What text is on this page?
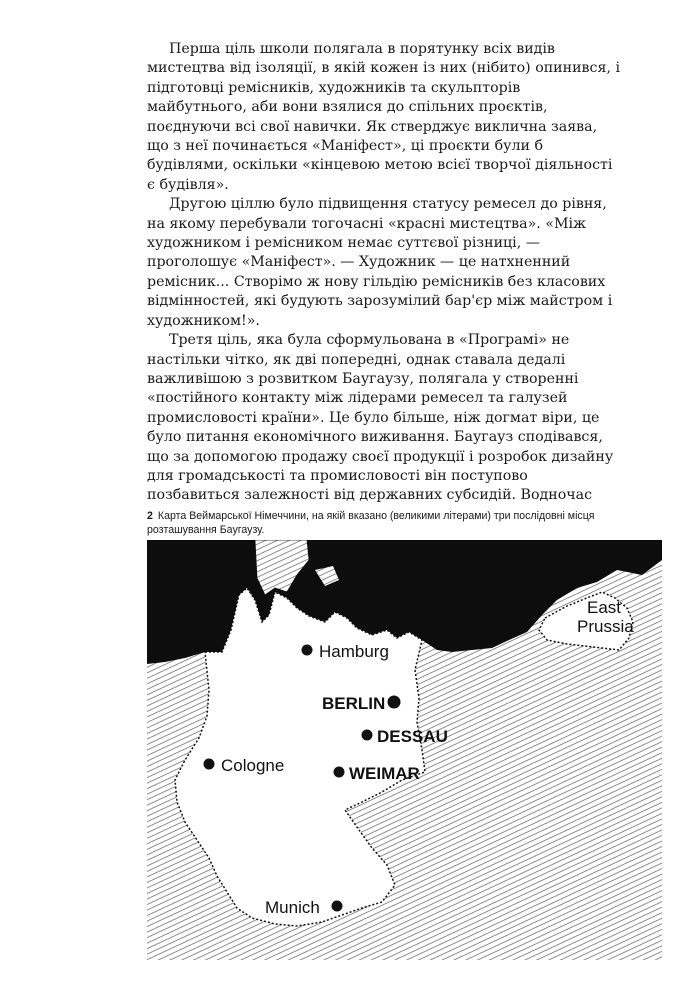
Перша ціль школи полягала в порятунку всіх видів мистецтва від ізоляції, в якій кожен із них (нібито) опинився, і підготовці ремісників, художників та скульпторів майбутнього, аби вони взялися до спільних проєктів, поєднуючи всі свої навички. Як стверджує виклична заява, що з неї починається «Маніфест», ці проєкти були б будівлями, оскільки «кінцевою метою всієї творчої діяльності є будівля».

Другою ціллю було підвищення статусу ремесел до рівня, на якому перебували тогочасні «красні мистецтва». «Між художником і ремісником немає суттєвої різниці, — проголошує «Маніфест». — Художник — це натхненний ремісник... Створімо ж нову гільдію ремісників без класових відмінностей, які будують зарозумілий бар'єр між майстром і художником!».

Третя ціль, яка була сформульована в «Програмі» не настільки чітко, як дві попередні, однак ставала дедалі важливішою з розвитком Баугаузу, полягала у створенні «постійного контакту між лідерами ремесел та галузей промисловості країни». Це було більше, ніж догмат віри, це було питання економічного виживання. Баугауз сподівався, що за допомогою продажу своєї продукції і розробок дизайну для громадськості та промисловості він поступово позбавиться залежності від державних субсидій. Водночас

2 Карта Веймарської Німеччини, на якій вказано (великими літерами) три послідовні місця розташування Баугаузу.
Hamburg
BERLIN
DESSAU
WEIMAR
Cologne
Munich
East
Prussia
